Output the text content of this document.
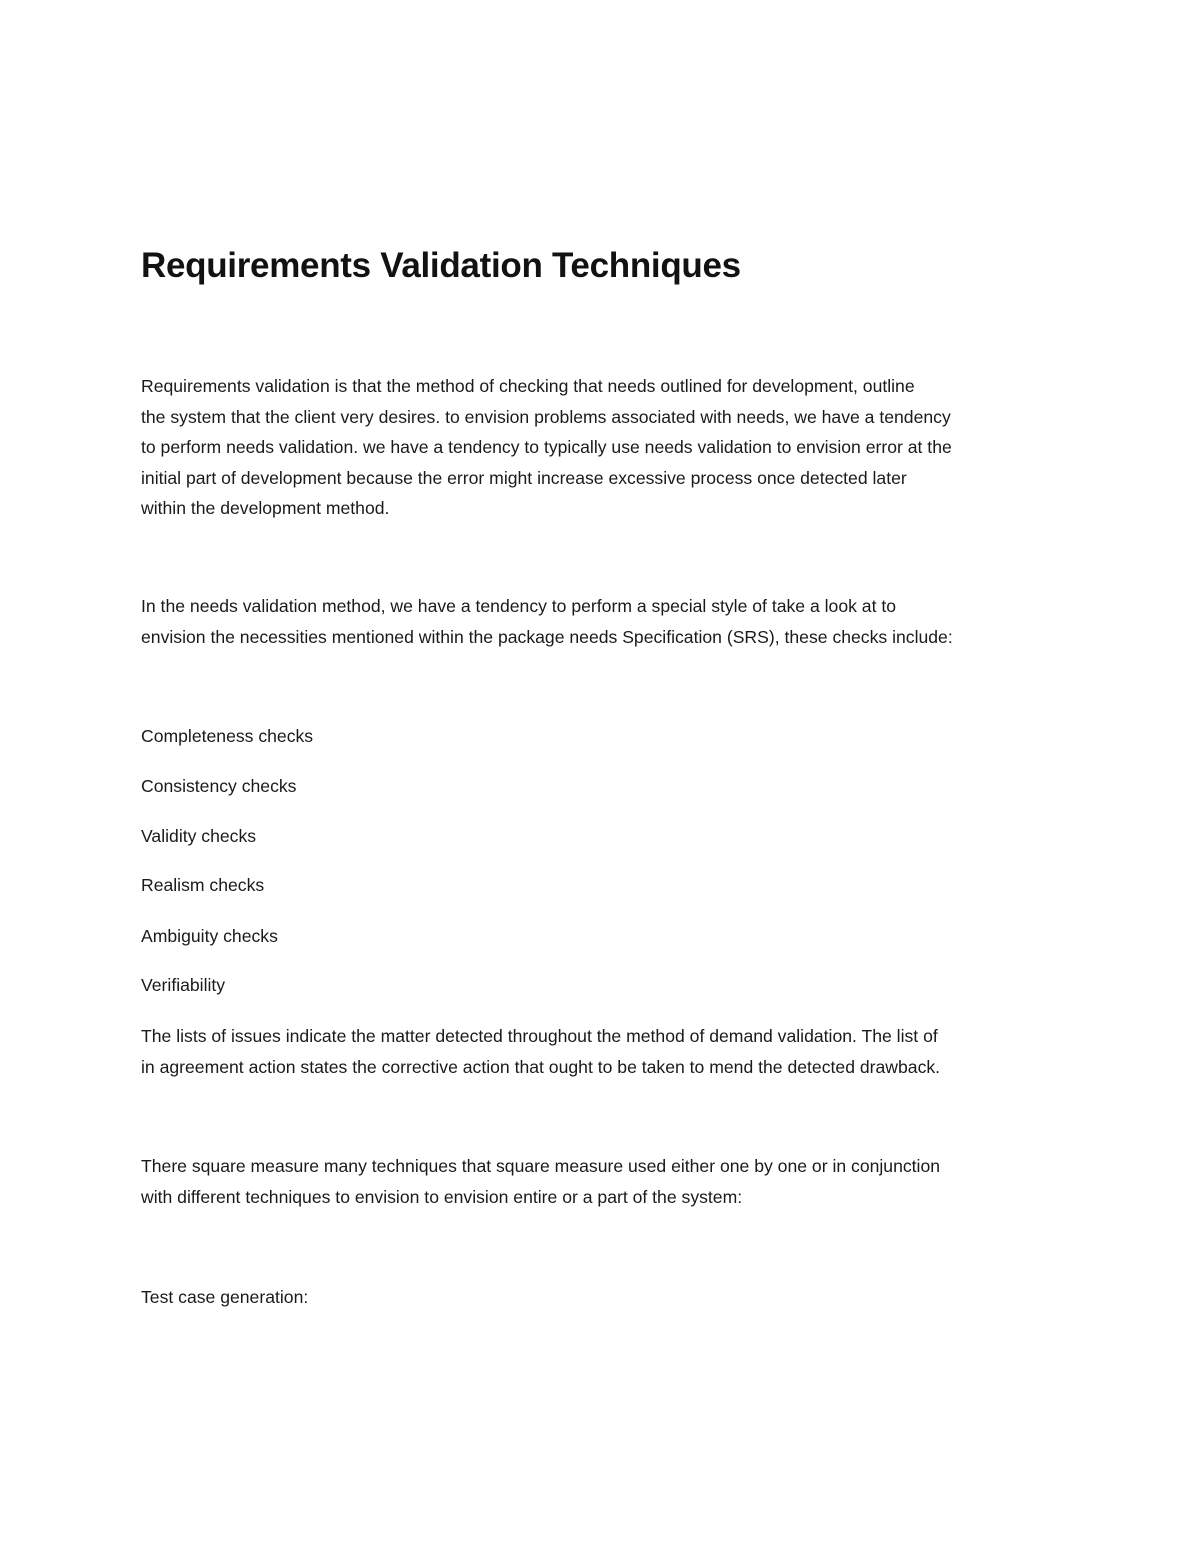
Requirements Validation Techniques

Requirements validation is that the method of checking that needs outlined for development, outline
the system that the client very desires. to envision problems associated with needs, we have a tendency
to perform needs validation. we have a tendency to typically use needs validation to envision error at the
initial part of development because the error might increase excessive process once detected later
within the development method.

In the needs validation method, we have a tendency to perform a special style of take a look at to
envision the necessities mentioned within the package needs Specification (SRS), these checks include:

Completeness checks

Consistency checks

Validity checks

Realism checks

Ambiguity checks

Verifiability

The lists of issues indicate the matter detected throughout the method of demand validation. The list of
in agreement action states the corrective action that ought to be taken to mend the detected drawback.

There square measure many techniques that square measure used either one by one or in conjunction
with different techniques to envision to envision entire or a part of the system:

Test case generation:
